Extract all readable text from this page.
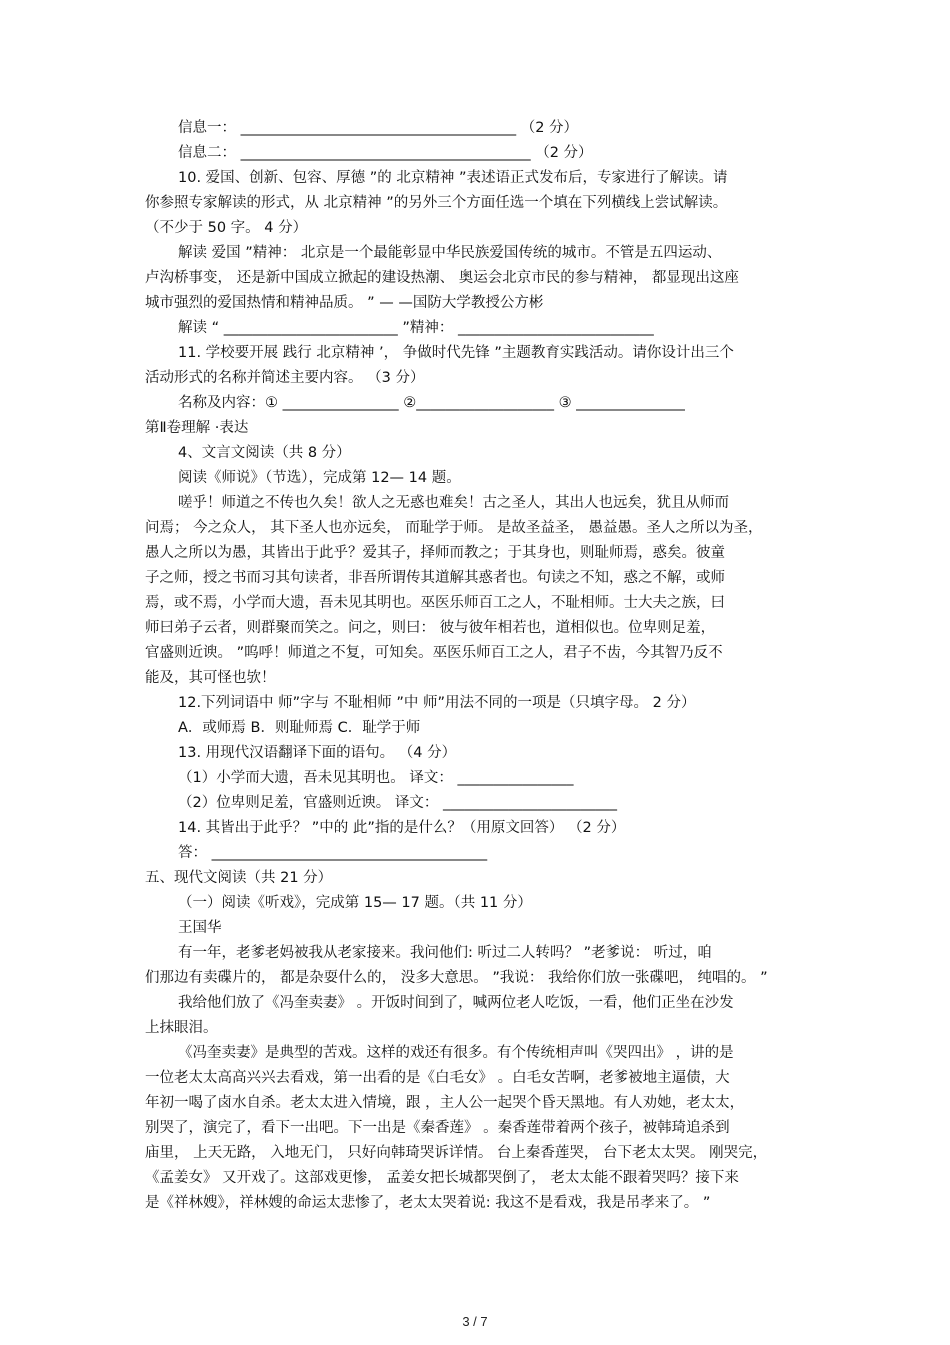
信息一： ______________________________________ （2 分）
信息二： ________________________________________ （2 分）
10. 爱国、创新、包容、厚德 ”的 北京精神 ”表述语正式发布后，专家进行了解读。请
你参照专家解读的形式，从 北京精神 ”的另外三个方面任选一个填在下列横线上尝试解读。
（不少于 50 字。 4 分）
解读 爱国 ”精神： 北京是一个最能彰显中华民族爱国传统的城市。不管是五四运动、
卢沟桥事变， 还是新中国成立掀起的建设热潮、 奥运会北京市民的参与精神， 都显现出这座
城市强烈的爱国热情和精神品质。 ” — —国防大学教授公方彬
解读 “ ________________________ ”精神： ___________________________
11. 学校要开展 践行 北京精神 ’， 争做时代先锋 ”主题教育实践活动。请你设计出三个
活动形式的名称并简述主要内容。 （3 分）
名称及内容：① ________________ ②___________________ ③ _______________
第Ⅱ卷理解 ·表达
4、文言文阅读（共 8 分）
阅读《师说》（节选），完成第 12— 14 题。
嗟乎！师道之不传也久矣！欲人之无惑也难矣！古之圣人，其出人也远矣，犹且从师而
问焉； 今之众人， 其下圣人也亦远矣， 而耻学于师。 是故圣益圣， 愚益愚。圣人之所以为圣，
愚人之所以为愚，其皆出于此乎？爱其子，择师而教之；于其身也，则耻师焉，惑矣。彼童
子之师，授之书而习其句读者，非吾所谓传其道解其惑者也。句读之不知，惑之不解，或师
焉，或不焉，小学而大遗，吾未见其明也。巫医乐师百工之人，不耻相师。士大夫之族，曰
师曰弟子云者，则群聚而笑之。问之，则曰： 彼与彼年相若也，道相似也。位卑则足羞，
官盛则近谀。 ”呜呼！师道之不复，可知矣。巫医乐师百工之人，君子不齿，今其智乃反不
能及，其可怪也欤！
12.下列词语中 师”字与 不耻相师 ”中 师”用法不同的一项是（只填字母。 2 分）
A．或师焉 B．则耻师焉 C．耻学于师
13. 用现代汉语翻译下面的语句。 （4 分）
（1）小学而大遗，吾未见其明也。 译文： ________________
（2）位卑则足羞，官盛则近谀。 译文： ________________________
14. 其皆出于此乎？ ”中的 此”指的是什么？（用原文回答） （2 分）
答： ______________________________________
五、现代文阅读（共 21 分）
（一）阅读《听戏》，完成第 15— 17 题。（共 11 分）
王国华
有一年，老爹老妈被我从老家接来。我问他们: 听过二人转吗？ ”老爹说： 听过，咱
们那边有卖碟片的， 都是杂耍什么的， 没多大意思。 ”我说： 我给你们放一张碟吧， 纯唱的。 ”
我给他们放了《冯奎卖妻》 。开饭时间到了，喊两位老人吃饭，一看，他们正坐在沙发
上抹眼泪。
《冯奎卖妻》是典型的苦戏。这样的戏还有很多。有个传统相声叫《哭四出》 ，讲的是
一位老太太高高兴兴去看戏，第一出看的是《白毛女》 。白毛女苦啊，老爹被地主逼债，大
年初一喝了卤水自杀。老太太进入情境，跟 ，主人公一起哭个昏天黑地。有人劝她，老太太，
别哭了，演完了，看下一出吧。下一出是《秦香莲》 。秦香莲带着两个孩子，被韩琦追杀到
庙里， 上天无路， 入地无门， 只好向韩琦哭诉详情。 台上秦香莲哭， 台下老太太哭。 刚哭完，
《孟姜女》 又开戏了。这部戏更惨， 孟姜女把长城都哭倒了， 老太太能不跟着哭吗？接下来
是《祥林嫂》，祥林嫂的命运太悲惨了，老太太哭着说: 我这不是看戏，我是吊孝来了。 ”
3 / 7
